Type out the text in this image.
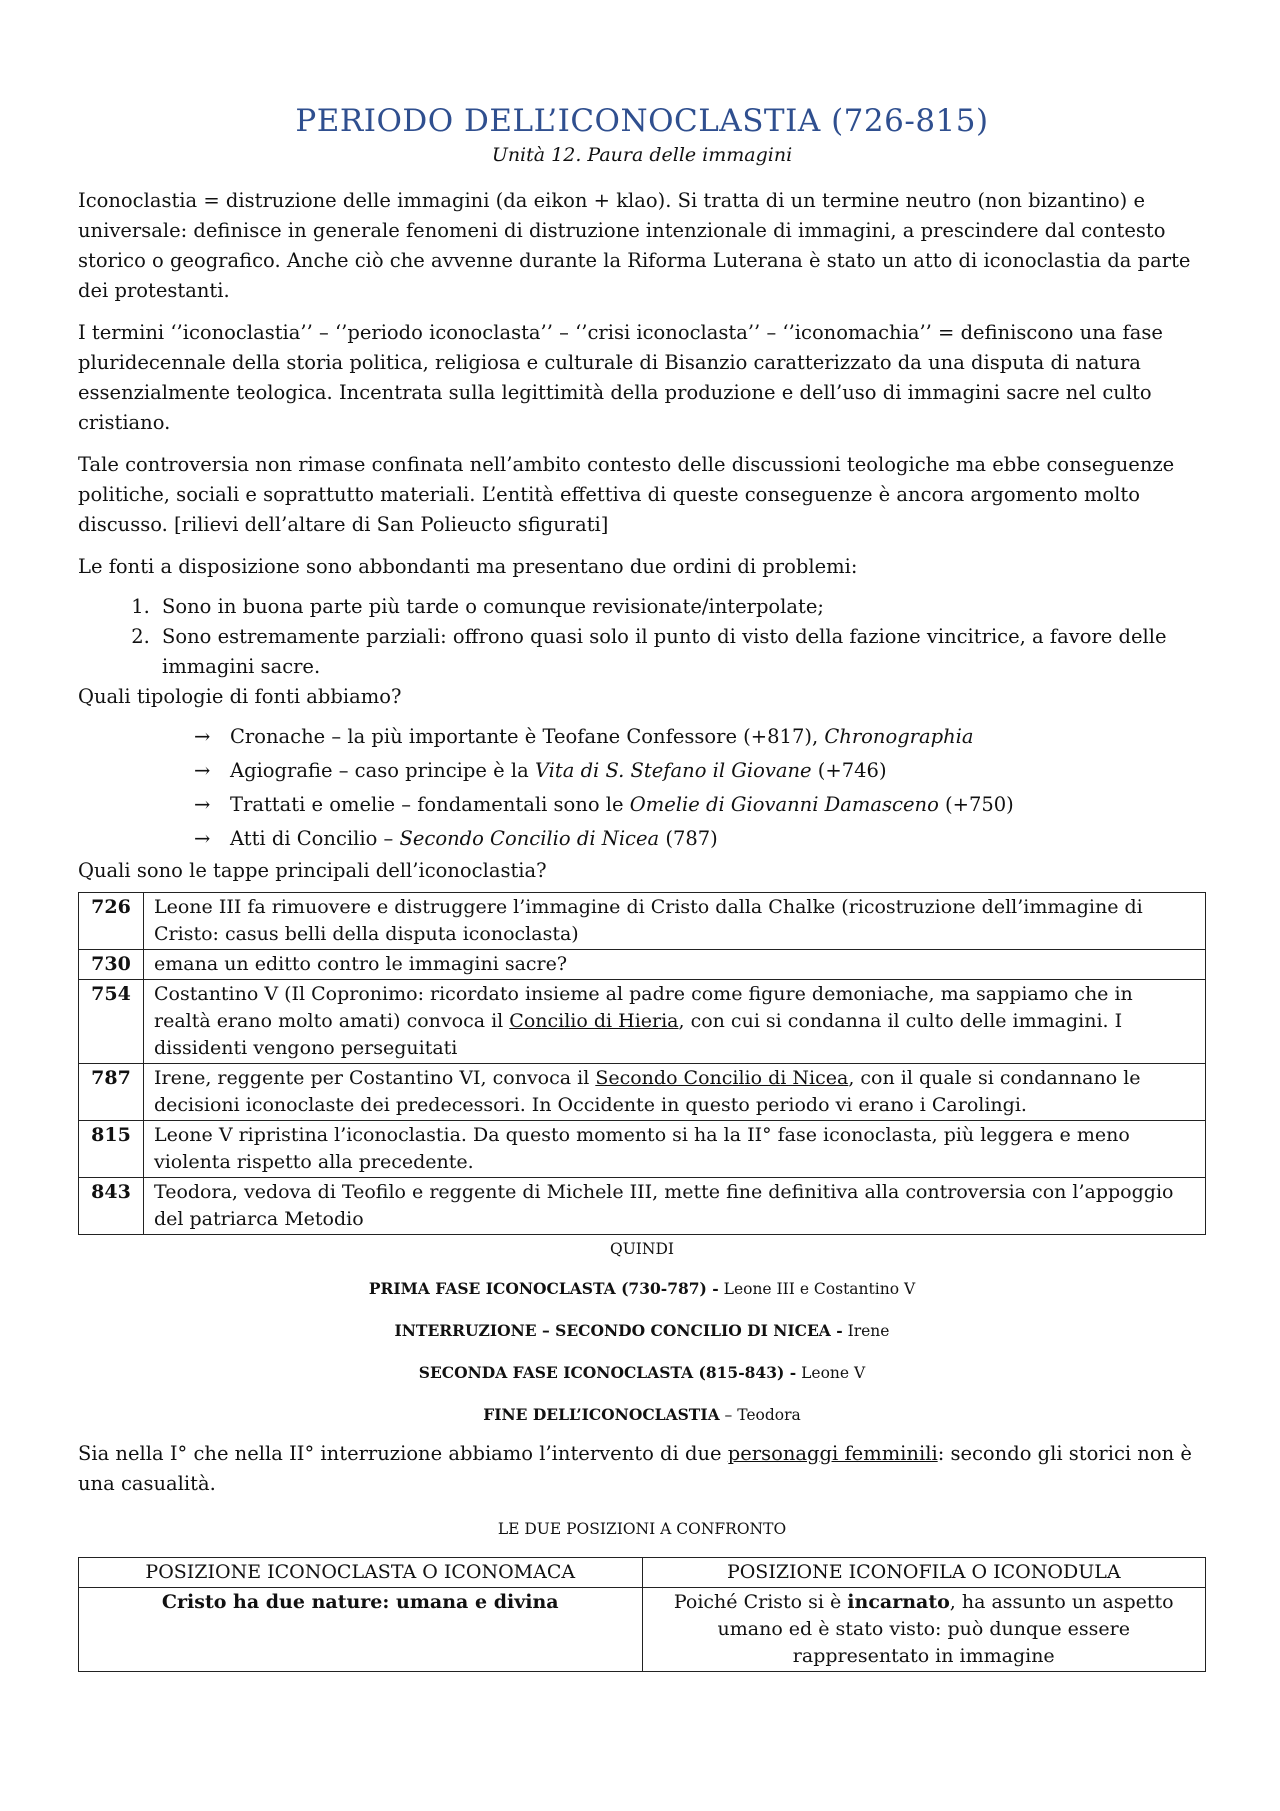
PERIODO DELL’ICONOCLASTIA (726-815)

Unità 12. Paura delle immagini

Iconoclastia = distruzione delle immagini (da eikon + klao). Si tratta di un termine neutro (non bizantino) e universale: definisce in generale fenomeni di distruzione intenzionale di immagini, a prescindere dal contesto storico o geografico. Anche ciò che avvenne durante la Riforma Luterana è stato un atto di iconoclastia da parte dei protestanti.

I termini ‘’iconoclastia’’ – ‘’periodo iconoclasta’’ – ‘’crisi iconoclasta’’ – ‘’iconomachia’’ = definiscono una fase pluridecennale della storia politica, religiosa e culturale di Bisanzio caratterizzato da una disputa di natura essenzialmente teologica. Incentrata sulla legittimità della produzione e dell’uso di immagini sacre nel culto cristiano.

Tale controversia non rimase confinata nell’ambito contesto delle discussioni teologiche ma ebbe conseguenze politiche, sociali e soprattutto materiali. L’entità effettiva di queste conseguenze è ancora argomento molto discusso. [rilievi dell’altare di San Polieucto sfigurati]

Le fonti a disposizione sono abbondanti ma presentano due ordini di problemi:

1. Sono in buona parte più tarde o comunque revisionate/interpolate;
2. Sono estremamente parziali: offrono quasi solo il punto di visto della fazione vincitrice, a favore delle immagini sacre.

Quali tipologie di fonti abbiamo?

→ Cronache – la più importante è Teofane Confessore (+817), Chronographia
→ Agiografie – caso principe è la Vita di S. Stefano il Giovane (+746)
→ Trattati e omelie – fondamentali sono le Omelie di Giovanni Damasceno (+750)
→ Atti di Concilio – Secondo Concilio di Nicea (787)

Quali sono le tappe principali dell’iconoclastia?

726	Leone III fa rimuovere e distruggere l’immagine di Cristo dalla Chalke (ricostruzione dell’immagine di Cristo: casus belli della disputa iconoclasta)
730	emana un editto contro le immagini sacre?
754	Costantino V (Il Copronimo: ricordato insieme al padre come figure demoniache, ma sappiamo che in realtà erano molto amati) convoca il Concilio di Hieria, con cui si condanna il culto delle immagini. I dissidenti vengono perseguitati
787	Irene, reggente per Costantino VI, convoca il Secondo Concilio di Nicea, con il quale si condannano le decisioni iconoclaste dei predecessori. In Occidente in questo periodo vi erano i Carolingi.
815	Leone V ripristina l’iconoclastia. Da questo momento si ha la II° fase iconoclasta, più leggera e meno violenta rispetto alla precedente.
843	Teodora, vedova di Teofilo e reggente di Michele III, mette fine definitiva alla controversia con l’appoggio del patriarca Metodio

QUINDI

PRIMA FASE ICONOCLASTA (730-787) - Leone III e Costantino V

INTERRUZIONE – SECONDO CONCILIO DI NICEA - Irene

SECONDA FASE ICONOCLASTA (815-843) - Leone V

FINE DELL’ICONOCLASTIA – Teodora

Sia nella I° che nella II° interruzione abbiamo l’intervento di due personaggi femminili: secondo gli storici non è una casualità.

LE DUE POSIZIONI A CONFRONTO

POSIZIONE ICONOCLASTA O ICONOMACA	POSIZIONE ICONOFILA O ICONODULA
Cristo ha due nature: umana e divina	Poiché Cristo si è incarnato, ha assunto un aspetto umano ed è stato visto: può dunque essere rappresentato in immagine
